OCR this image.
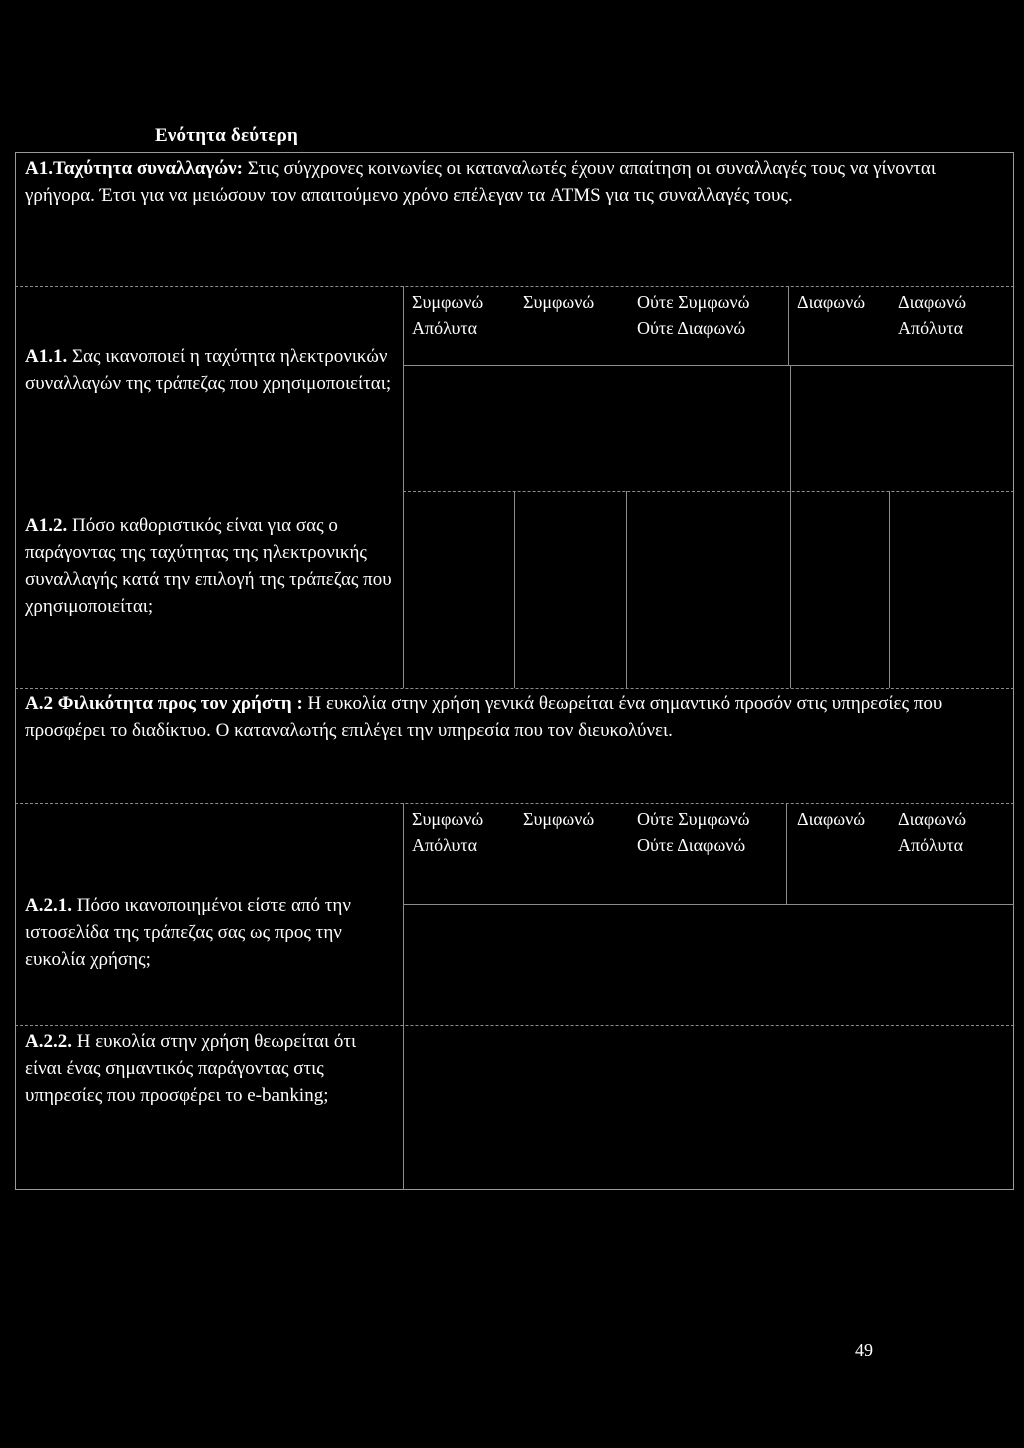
Ενότητα δεύτερη
A1.Ταχύτητα συναλλαγών: Στις σύγχρονες κοινωνίες οι καταναλωτές έχουν απαίτηση οι συναλλαγές τους να γίνονται γρήγορα. Έτσι για να μειώσουν τον απαιτούμενο χρόνο επέλεγαν τα ATMS για τις συναλλαγές τους.
Συμφωνώ
Απόλυτα
Συμφωνώ Ούτε Συμφωνώ
Ούτε Διαφωνώ
Διαφωνώ Διαφωνώ
Απόλυτα
A1.1. Σας ικανοποιεί η ταχύτητα ηλεκτρονικών συναλλαγών της τράπεζας που χρησιμοποιείται;
A1.2. Πόσο καθοριστικός είναι για σας ο παράγοντας της ταχύτητας της ηλεκτρονικής συναλλαγής κατά την επιλογή της τράπεζας που χρησιμοποιείται;
A.2 Φιλικότητα προς τον χρήστη : Η ευκολία στην χρήση γενικά θεωρείται ένα σημαντικό προσόν στις υπηρεσίες που προσφέρει το διαδίκτυο. Ο καταναλωτής επιλέγει την υπηρεσία που τον διευκολύνει.
Συμφωνώ
Απόλυτα
Συμφωνώ Ούτε Συμφωνώ
Ούτε Διαφωνώ
Διαφωνώ Διαφωνώ
Απόλυτα
A.2.1. Πόσο ικανοποιημένοι είστε από την ιστοσελίδα της τράπεζας σας ως προς την ευκολία χρήσης;
A.2.2. Η ευκολία στην χρήση θεωρείται ότι είναι ένας σημαντικός παράγοντας στις υπηρεσίες που προσφέρει το e-banking;
49
